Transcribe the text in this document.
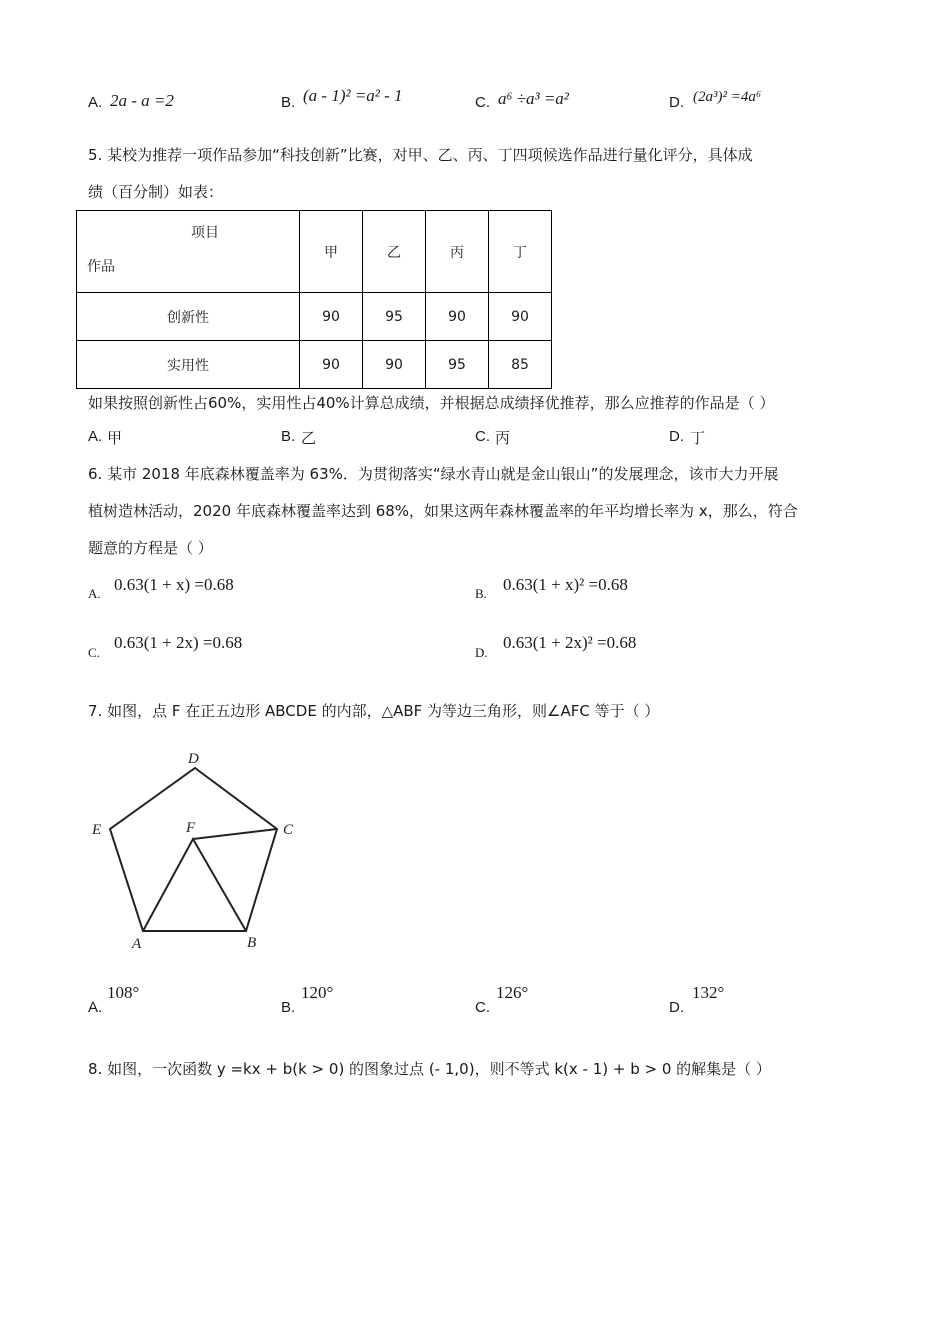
A. 2a - a =2	B. (a - 1)² =a² - 1	C. a⁶ ÷a³ =a²	D. (2a³)² =4a⁶
5. 某校为推荐一项作品参加“科技创新”比赛，对甲、乙、丙、丁四项候选作品进行量化评分，具体成
绩（百分制）如表：
项目
作品	甲	乙	丙	丁
创新性	90	95	90	90
实用性	90	90	95	85
如果按照创新性占60%，实用性占40%计算总成绩，并根据总成绩择优推荐，那么应推荐的作品是（ ）
A. 甲	B. 乙	C. 丙	D. 丁
6. 某市 2018 年底森林覆盖率为 63%．为贯彻落实“绿水青山就是金山银山”的发展理念，该市大力开展
植树造林活动，2020 年底森林覆盖率达到 68%，如果这两年森林覆盖率的年平均增长率为 x，那么，符合
题意的方程是（ ）
A. 0.63(1 + x) =0.68	B. 0.63(1 + x)² =0.68
C.
0.63(1 + 2x) =0.68
D.
0.63(1 + 2x)² =0.68
7. 如图，点 F 在正五边形 ABCDE 的内部，△ABF 为等边三角形，则∠AFC 等于（ ）
D
E	C
F
A	B
A.
108°
B.
120°
C.
126°
D.
132°
8. 如图，一次函数 y =kx + b(k > 0) 的图象过点 (- 1,0)，则不等式 k(x - 1) + b > 0 的解集是（ ）
